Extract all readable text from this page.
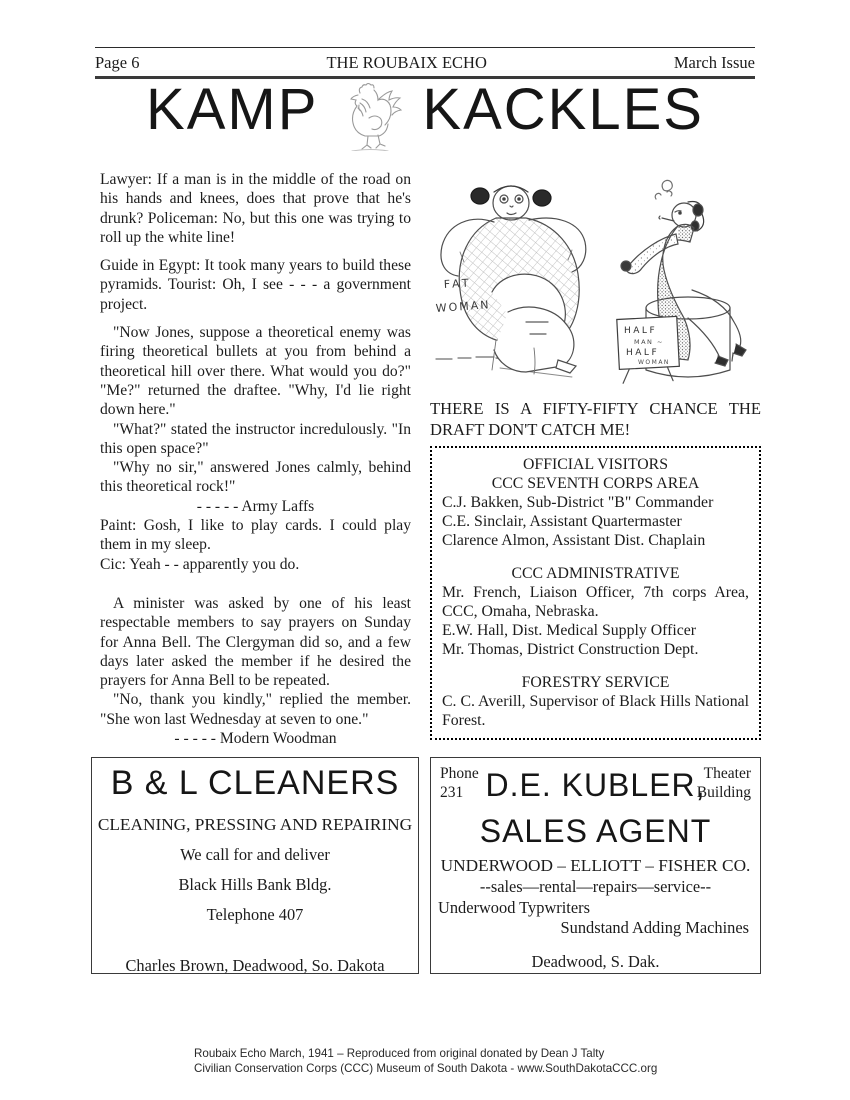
Page 6	THE ROUBAIX ECHO	March Issue
KAMP KACKLES

Lawyer: If a man is in the middle of the road on his hands and knees, does that prove that he's drunk? Policeman: No, but this one was trying to roll up the white line!

Guide in Egypt: It took many years to build these pyramids. Tourist: Oh, I see - - - a government project.

"Now Jones, suppose a theoretical enemy was firing theoretical bullets at you from behind a theoretical hill over there. What would you do?" "Me?" returned the draftee. "Why, I'd lie right down here."

"What?" stated the instructor incredulously. "In this open space?"

"Why no sir," answered Jones calmly, behind this theoretical rock!"

- - - - - Army Laffs

Paint: Gosh, I like to play cards. I could play them in my sleep.

Cic: Yeah - - apparently you do.

A minister was asked by one of his least respectable members to say prayers on Sunday for Anna Bell. The Clergyman did so, and a few days later asked the member if he desired the prayers for Anna Bell to be repeated.

"No, thank you kindly," replied the member. "She won last Wednesday at seven to one."

- - - - - Modern Woodman

FAT
WOMAN
HALF
MAN ~
HALF
WOMAN
THERE IS A FIFTY-FIFTY CHANCE THE
DRAFT DON'T CATCH ME!
OFFICIAL VISITORS
CCC SEVENTH CORPS AREA
C.J. Bakken, Sub-District "B" Commander
C.E. Sinclair, Assistant Quartermaster
Clarence Almon, Assistant Dist. Chaplain
CCC ADMINISTRATIVE
Mr. French, Liaison Officer, 7th corps Area, CCC, Omaha, Nebraska.
E.W. Hall, Dist. Medical Supply Officer
Mr. Thomas, District Construction Dept.
FORESTRY SERVICE
C. C. Averill, Supervisor of Black Hills National Forest.
B & L CLEANERS
CLEANING, PRESSING AND REPAIRING
We call for and deliver
Black Hills Bank Bldg.
Telephone 407
Charles Brown, Deadwood, So. Dakota
Phone
231
Theater
Building
D.E. KUBLER,
SALES AGENT
UNDERWOOD – ELLIOTT – FISHER CO.
--sales—rental—repairs—service--
Underwood Typwriters
Sundstand Adding Machines
Deadwood, S. Dak.
Roubaix Echo March, 1941 – Reproduced from original donated by Dean J Talty
Civilian Conservation Corps (CCC) Museum of South Dakota - www.SouthDakotaCCC.org
